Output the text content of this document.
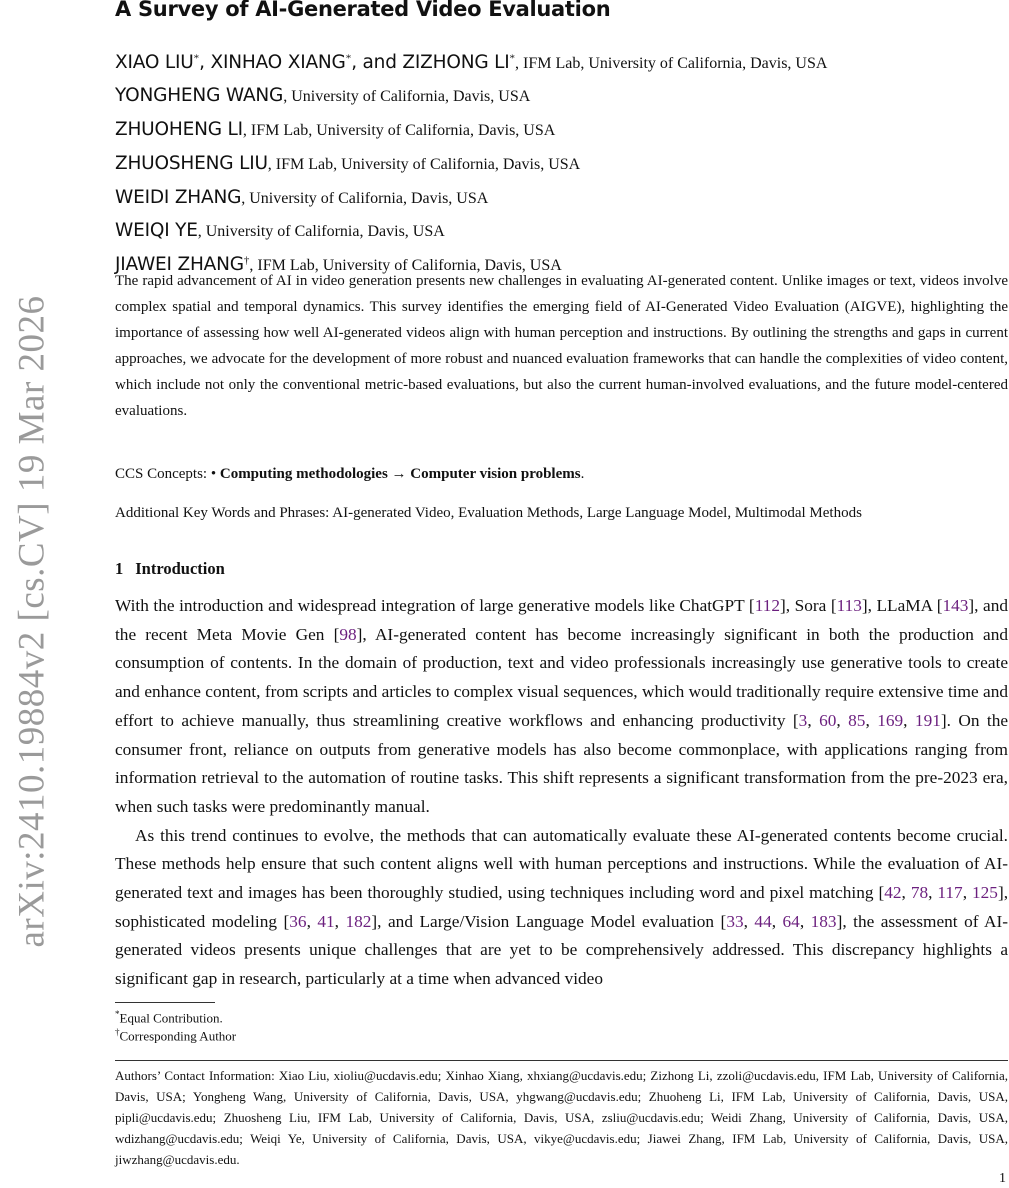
arXiv:2410.19884v2 [cs.CV] 19 Mar 2026
A Survey of AI-Generated Video Evaluation
XIAO LIU*, XINHAO XIANG*, and ZIZHONG LI*, IFM Lab, University of California, Davis, USA
YONGHENG WANG, University of California, Davis, USA
ZHUOHENG LI, IFM Lab, University of California, Davis, USA
ZHUOSHENG LIU, IFM Lab, University of California, Davis, USA
WEIDI ZHANG, University of California, Davis, USA
WEIQI YE, University of California, Davis, USA
JIAWEI ZHANG†, IFM Lab, University of California, Davis, USA
The rapid advancement of AI in video generation presents new challenges in evaluating AI-generated content. Unlike images or text, videos involve complex spatial and temporal dynamics. This survey identifies the emerging field of AI-Generated Video Evaluation (AIGVE), highlighting the importance of assessing how well AI-generated videos align with human perception and instructions. By outlining the strengths and gaps in current approaches, we advocate for the development of more robust and nuanced evaluation frameworks that can handle the complexities of video content, which include not only the conventional metric-based evaluations, but also the current human-involved evaluations, and the future model-centered evaluations.
CCS Concepts: • Computing methodologies → Computer vision problems.
Additional Key Words and Phrases: AI-generated Video, Evaluation Methods, Large Language Model, Multimodal Methods
1 Introduction

With the introduction and widespread integration of large generative models like ChatGPT [112], Sora [113], LLaMA [143], and the recent Meta Movie Gen [98], AI-generated content has become increasingly significant in both the production and consumption of contents. In the domain of production, text and video professionals increasingly use generative tools to create and enhance content, from scripts and articles to complex visual sequences, which would traditionally require extensive time and effort to achieve manually, thus streamlining creative workflows and enhancing productivity [3, 60, 85, 169, 191]. On the consumer front, reliance on outputs from generative models has also become commonplace, with applications ranging from information retrieval to the automation of routine tasks. This shift represents a significant transformation from the pre-2023 era, when such tasks were predominantly manual.

As this trend continues to evolve, the methods that can automatically evaluate these AI-generated contents become crucial. These methods help ensure that such content aligns well with human perceptions and instructions. While the evaluation of AI-generated text and images has been thoroughly studied, using techniques including word and pixel matching [42, 78, 117, 125], sophisticated modeling [36, 41, 182], and Large/Vision Language Model evaluation [33, 44, 64, 183], the assessment of AI-generated videos presents unique challenges that are yet to be comprehensively addressed. This discrepancy highlights a significant gap in research, particularly at a time when advanced video

*Equal Contribution.
†Corresponding Author
Authors’ Contact Information: Xiao Liu, xioliu@ucdavis.edu; Xinhao Xiang, xhxiang@ucdavis.edu; Zizhong Li, zzoli@ucdavis.edu, IFM Lab, University of California, Davis, USA; Yongheng Wang, University of California, Davis, USA, yhgwang@ucdavis.edu; Zhuoheng Li, IFM Lab, University of California, Davis, USA, pipli@ucdavis.edu; Zhuosheng Liu, IFM Lab, University of California, Davis, USA, zsliu@ucdavis.edu; Weidi Zhang, University of California, Davis, USA, wdizhang@ucdavis.edu; Weiqi Ye, University of California, Davis, USA, vikye@ucdavis.edu; Jiawei Zhang, IFM Lab, University of California, Davis, USA, jiwzhang@ucdavis.edu.
1
